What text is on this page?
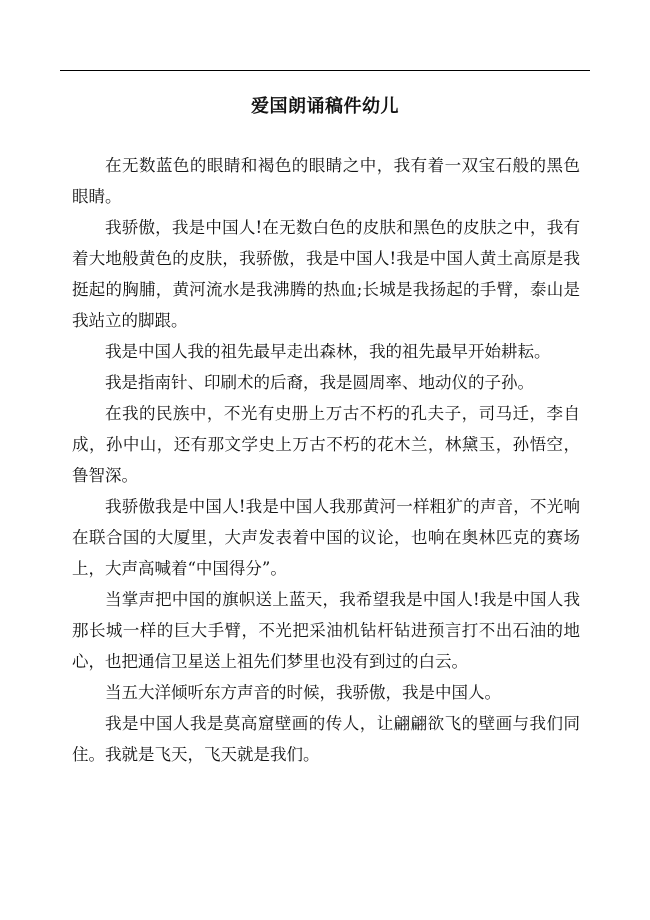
爱国朗诵稿件幼儿

在无数蓝色的眼睛和褐色的眼睛之中，我有着一双宝石般的黑色眼睛。

我骄傲，我是中国人!在无数白色的皮肤和黑色的皮肤之中，我有着大地般黄色的皮肤，我骄傲，我是中国人!我是中国人黄土高原是我挺起的胸脯，黄河流水是我沸腾的热血;长城是我扬起的手臂，泰山是我站立的脚跟。

我是中国人我的祖先最早走出森林，我的祖先最早开始耕耘。

我是指南针、印刷术的后裔，我是圆周率、地动仪的子孙。

在我的民族中，不光有史册上万古不朽的孔夫子，司马迁，李自成，孙中山，还有那文学史上万古不朽的花木兰，林黛玉，孙悟空，鲁智深。

我骄傲我是中国人!我是中国人我那黄河一样粗犷的声音，不光响在联合国的大厦里，大声发表着中国的议论，也响在奥林匹克的赛场上，大声高喊着“中国得分”。

当掌声把中国的旗帜送上蓝天，我希望我是中国人!我是中国人我那长城一样的巨大手臂，不光把采油机钻杆钻进预言打不出石油的地心，也把通信卫星送上祖先们梦里也没有到过的白云。

当五大洋倾听东方声音的时候，我骄傲，我是中国人。

我是中国人我是莫高窟壁画的传人，让翩翩欲飞的壁画与我们同住。我就是飞天，飞天就是我们。
